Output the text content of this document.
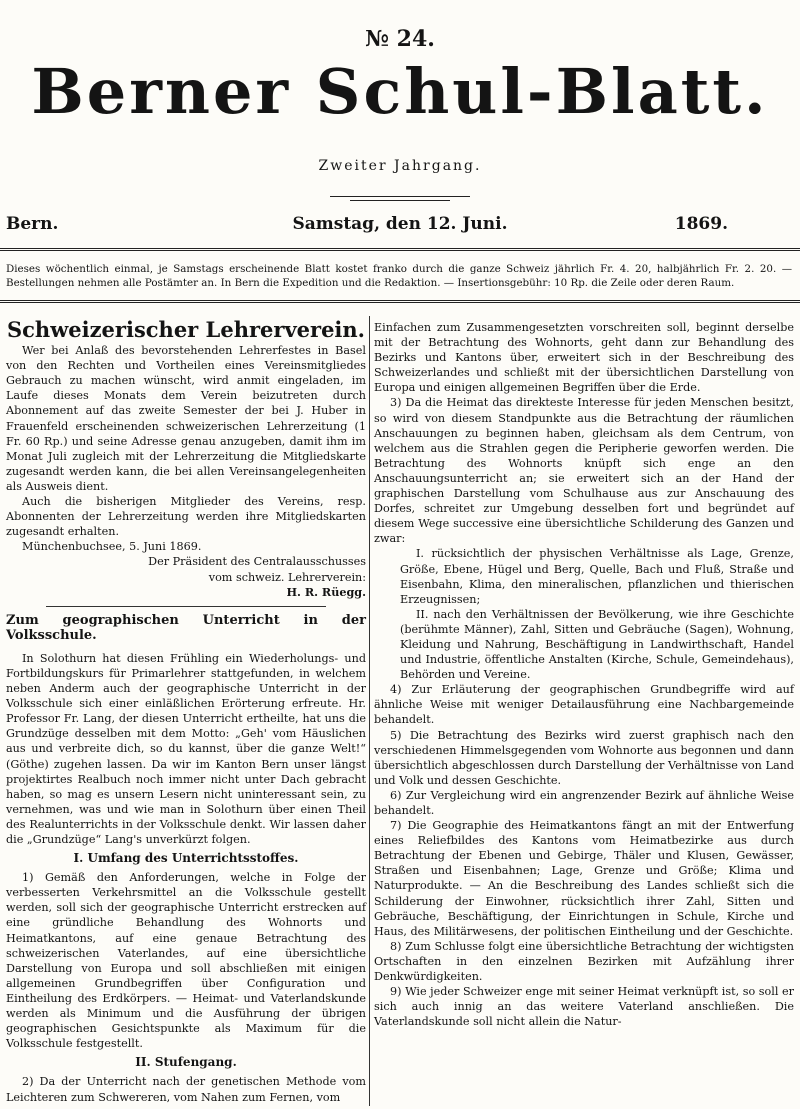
№ 24.
Berner Schul-Blatt.
Zweiter Jahrgang.
Bern.	Samstag, den 12. Juni.	1869.
Dieses wöchentlich einmal, je Samstags erscheinende Blatt kostet franko durch die ganze Schweiz jährlich Fr. 4. 20, halbjährlich Fr. 2. 20. — Bestellungen nehmen alle Postämter an. In Bern die Expedition und die Redaktion. — Insertionsgebühr: 10 Rp. die Zeile oder deren Raum.
Schweizerischer Lehrerverein.

Wer bei Anlaß des bevorstehenden Lehrerfestes in Basel von den Rechten und Vortheilen eines Vereinsmitgliedes Gebrauch zu machen wünscht, wird anmit eingeladen, im Laufe dieses Monats dem Verein beizutreten durch Abonnement auf das zweite Semester der bei J. Huber in Frauenfeld erscheinenden schweizerischen Lehrerzeitung (1 Fr. 60 Rp.) und seine Adresse genau anzugeben, damit ihm im Monat Juli zugleich mit der Lehrerzeitung die Mitgliedskarte zugesandt werden kann, die bei allen Vereinsangelegenheiten als Ausweis dient.

Auch die bisherigen Mitglieder des Vereins, resp. Abonnenten der Lehrerzeitung werden ihre Mitgliedskarten zugesandt erhalten.

Münchenbuchsee, 5. Juni 1869.

Der Präsident des Centralausschusses

vom schweiz. Lehrerverein:

H. R. Rüegg.

Zum geographischen Unterricht in der Volksschule.

In Solothurn hat diesen Frühling ein Wiederholungs- und Fortbildungskurs für Primarlehrer stattgefunden, in welchem neben Anderm auch der geographische Unterricht in der Volksschule sich einer einläßlichen Erörterung erfreute. Hr. Professor Fr. Lang, der diesen Unterricht ertheilte, hat uns die Grundzüge desselben mit dem Motto: „Geh' vom Häuslichen aus und verbreite dich, so du kannst, über die ganze Welt!“ (Göthe) zugehen lassen. Da wir im Kanton Bern unser längst projektirtes Realbuch noch immer nicht unter Dach gebracht haben, so mag es unsern Lesern nicht uninteressant sein, zu vernehmen, was und wie man in Solothurn über einen Theil des Realunterrichts in der Volksschule denkt. Wir lassen daher die „Grundzüge“ Lang's unverkürzt folgen.

I. Umfang des Unterrichtsstoffes.

1) Gemäß den Anforderungen, welche in Folge der verbesserten Verkehrsmittel an die Volksschule gestellt werden, soll sich der geographische Unterricht erstrecken auf eine gründliche Behandlung des Wohnorts und Heimatkantons, auf eine genaue Betrachtung des schweizerischen Vaterlandes, auf eine übersichtliche Darstellung von Europa und soll abschließen mit einigen allgemeinen Grundbegriffen über Configuration und Eintheilung des Erdkörpers. — Heimat- und Vaterlandskunde werden als Minimum und die Ausführung der übrigen geographischen Gesichtspunkte als Maximum für die Volksschule festgestellt.

II. Stufengang.

2) Da der Unterricht nach der genetischen Methode vom Leichteren zum Schwereren, vom Nahen zum Fernen, vom

Einfachen zum Zusammengesetzten vorschreiten soll, beginnt derselbe mit der Betrachtung des Wohnorts, geht dann zur Behandlung des Bezirks und Kantons über, erweitert sich in der Beschreibung des Schweizerlandes und schließt mit der übersichtlichen Darstellung von Europa und einigen allgemeinen Begriffen über die Erde.

3) Da die Heimat das direkteste Interesse für jeden Menschen besitzt, so wird von diesem Standpunkte aus die Betrachtung der räumlichen Anschauungen zu beginnen haben, gleichsam als dem Centrum, von welchem aus die Strahlen gegen die Peripherie geworfen werden. Die Betrachtung des Wohnorts knüpft sich enge an den Anschauungsunterricht an; sie erweitert sich an der Hand der graphischen Darstellung vom Schulhause aus zur Anschauung des Dorfes, schreitet zur Umgebung desselben fort und begründet auf diesem Wege successive eine übersichtliche Schilderung des Ganzen und zwar:

I. rücksichtlich der physischen Verhältnisse als Lage, Grenze, Größe, Ebene, Hügel und Berg, Quelle, Bach und Fluß, Straße und Eisenbahn, Klima, den mineralischen, pflanzlichen und thierischen Erzeugnissen;

II. nach den Verhältnissen der Bevölkerung, wie ihre Geschichte (berühmte Männer), Zahl, Sitten und Gebräuche (Sagen), Wohnung, Kleidung und Nahrung, Beschäftigung in Landwirthschaft, Handel und Industrie, öffentliche Anstalten (Kirche, Schule, Gemeindehaus), Behörden und Vereine.

4) Zur Erläuterung der geographischen Grundbegriffe wird auf ähnliche Weise mit weniger Detailausführung eine Nachbargemeinde behandelt.

5) Die Betrachtung des Bezirks wird zuerst graphisch nach den verschiedenen Himmelsgegenden vom Wohnorte aus begonnen und dann übersichtlich abgeschlossen durch Darstellung der Verhältnisse von Land und Volk und dessen Geschichte.

6) Zur Vergleichung wird ein angrenzender Bezirk auf ähnliche Weise behandelt.

7) Die Geographie des Heimatkantons fängt an mit der Entwerfung eines Reliefbildes des Kantons vom Heimatbezirke aus durch Betrachtung der Ebenen und Gebirge, Thäler und Klusen, Gewässer, Straßen und Eisenbahnen; Lage, Grenze und Größe; Klima und Naturprodukte. — An die Beschreibung des Landes schließt sich die Schilderung der Einwohner, rücksichtlich ihrer Zahl, Sitten und Gebräuche, Beschäftigung, der Einrichtungen in Schule, Kirche und Haus, des Militärwesens, der politischen Eintheilung und der Geschichte.

8) Zum Schlusse folgt eine übersichtliche Betrachtung der wichtigsten Ortschaften in den einzelnen Bezirken mit Aufzählung ihrer Denkwürdigkeiten.

9) Wie jeder Schweizer enge mit seiner Heimat verknüpft ist, so soll er sich auch innig an das weitere Vaterland anschließen. Die Vaterlandskunde soll nicht allein die Natur-
